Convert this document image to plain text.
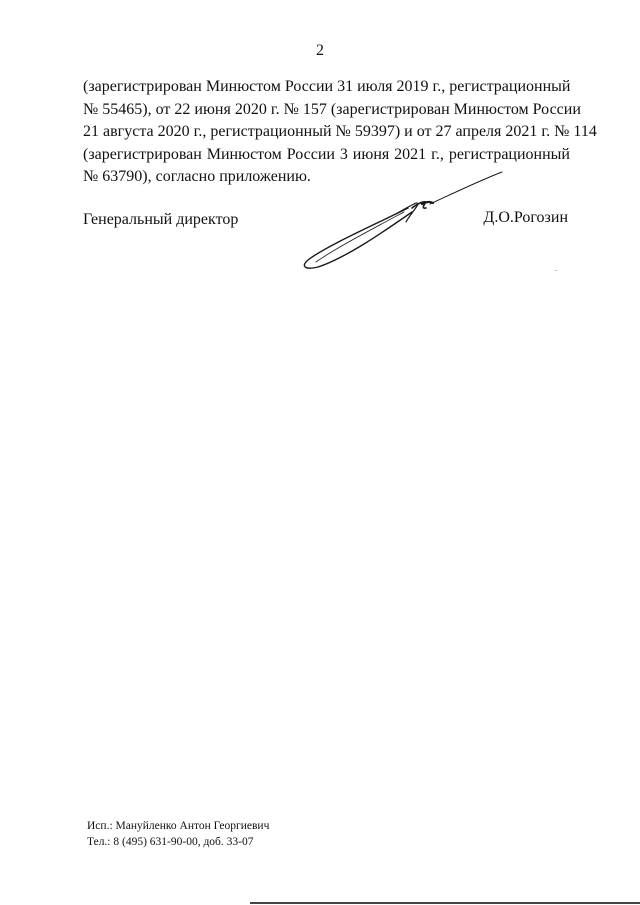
2
(зарегистрирован Минюстом России 31 июля 2019 г., регистрационный
№ 55465), от 22 июня 2020 г. № 157 (зарегистрирован Минюстом России
21 августа 2020 г., регистрационный № 59397) и от 27 апреля 2021 г. № 114
(зарегистрирован Минюстом России 3 июня 2021 г., регистрационный
№ 63790), согласно приложению.
Генеральный директор	Д.О.Рогозин
Исп.: Мануйленко Антон Георгиевич
Тел.: 8 (495) 631-90-00, доб. 33-07
